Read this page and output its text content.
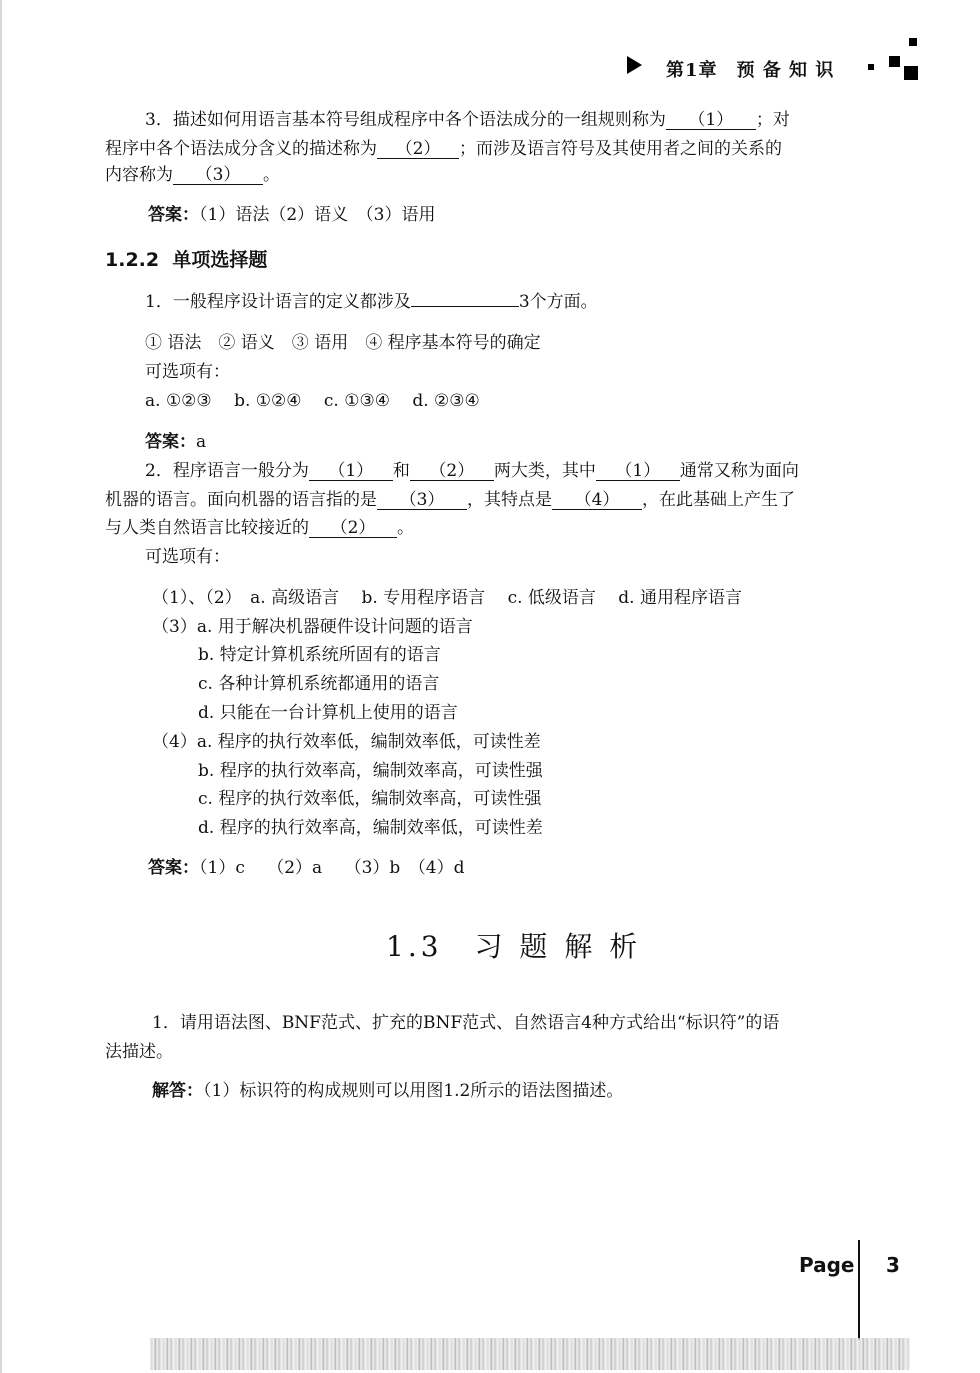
第1章　预 备 知 识
3．描述如何用语言基本符号组成程序中各个语法成分的一组规则称为 （1） ；对
程序中各个语法成分含义的描述称为 （2） ；而涉及语言符号及其使用者之间的关系的
内容称为 （3） 。
答案：（1）语法（2）语义　（3）语用
1.2.2 单项选择题
1．一般程序设计语言的定义都涉及	3个方面。
① 语法　② 语义　③ 语用　④ 程序基本符号的确定
可选项有：
a. ①②③　 b. ①②④　 c. ①③④　 d. ②③④
答案：a
2．程序语言一般分为 （1） 和 （2） 两大类，其中 （1） 通常又称为面向
机器的语言。面向机器的语言指的是 （3） ，其特点是 （4） ，在此基础上产生了
与人类自然语言比较接近的 （2） 。
可选项有：
（1）、（2）　a. 高级语言　 b. 专用程序语言　 c. 低级语言　 d. 通用程序语言
（3）a. 用于解决机器硬件设计问题的语言
b. 特定计算机系统所固有的语言
c. 各种计算机系统都通用的语言
d. 只能在一台计算机上使用的语言
（4）a. 程序的执行效率低，编制效率低，可读性差
b. 程序的执行效率高，编制效率高，可读性强
c. 程序的执行效率低，编制效率高，可读性强
d. 程序的执行效率高，编制效率低，可读性差
答案：（1）c　 （2）a　 （3）b　（4）d
1.3　习 题 解 析
1．请用语法图、BNF范式、扩充的BNF范式、自然语言4种方式给出“标识符”的语
法描述。
解答：（1）标识符的构成规则可以用图1.2所示的语法图描述。
Page 3
